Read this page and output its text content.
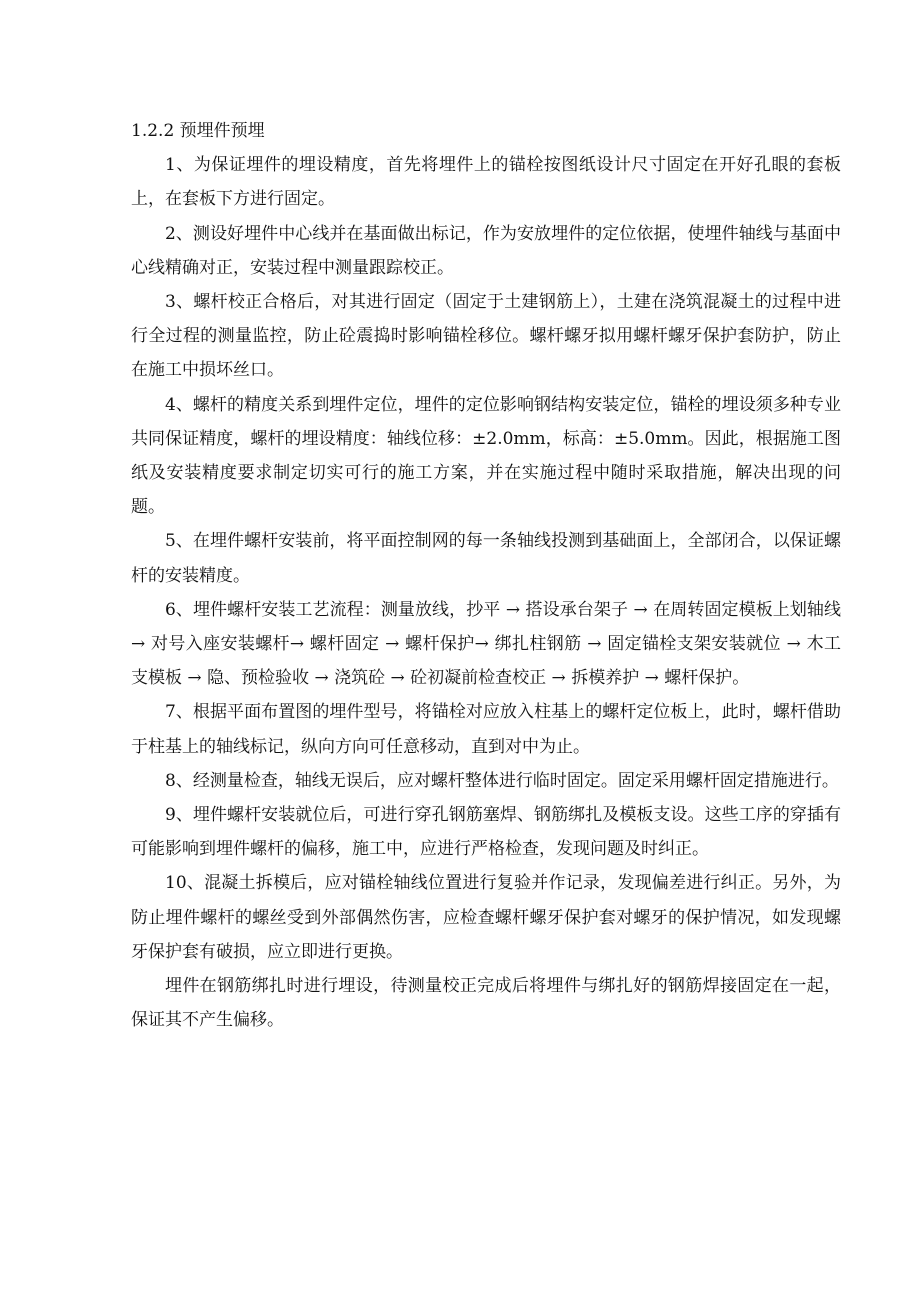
1.2.2 预埋件预埋

1、为保证埋件的埋设精度，首先将埋件上的锚栓按图纸设计尺寸固定在开好孔眼的套板上，在套板下方进行固定。

2、测设好埋件中心线并在基面做出标记，作为安放埋件的定位依据，使埋件轴线与基面中心线精确对正，安装过程中测量跟踪校正。

3、螺杆校正合格后，对其进行固定（固定于土建钢筋上），土建在浇筑混凝土的过程中进行全过程的测量监控，防止砼震捣时影响锚栓移位。螺杆螺牙拟用螺杆螺牙保护套防护，防止在施工中损坏丝口。

4、螺杆的精度关系到埋件定位，埋件的定位影响钢结构安装定位，锚栓的埋设须多种专业共同保证精度，螺杆的埋设精度：轴线位移：±2.0mm，标高：±5.0mm。因此，根据施工图纸及安装精度要求制定切实可行的施工方案，并在实施过程中随时采取措施，解决出现的问题。

5、在埋件螺杆安装前，将平面控制网的每一条轴线投测到基础面上，全部闭合，以保证螺杆的安装精度。

6、埋件螺杆安装工艺流程：测量放线，抄平 → 搭设承台架子 → 在周转固定模板上划轴线 → 对号入座安装螺杆→ 螺杆固定 → 螺杆保护→ 绑扎柱钢筋 → 固定锚栓支架安装就位 → 木工支模板 → 隐、预检验收 → 浇筑砼 → 砼初凝前检查校正 → 拆模养护 → 螺杆保护。

7、根据平面布置图的埋件型号，将锚栓对应放入柱基上的螺杆定位板上，此时，螺杆借助于柱基上的轴线标记，纵向方向可任意移动，直到对中为止。

8、经测量检查，轴线无误后，应对螺杆整体进行临时固定。固定采用螺杆固定措施进行。

9、埋件螺杆安装就位后，可进行穿孔钢筋塞焊、钢筋绑扎及模板支设。这些工序的穿插有可能影响到埋件螺杆的偏移，施工中，应进行严格检查，发现问题及时纠正。

10、混凝土拆模后，应对锚栓轴线位置进行复验并作记录，发现偏差进行纠正。另外，为防止埋件螺杆的螺丝受到外部偶然伤害，应检查螺杆螺牙保护套对螺牙的保护情况，如发现螺牙保护套有破损，应立即进行更换。

埋件在钢筋绑扎时进行埋设，待测量校正完成后将埋件与绑扎好的钢筋焊接固定在一起，保证其不产生偏移。
